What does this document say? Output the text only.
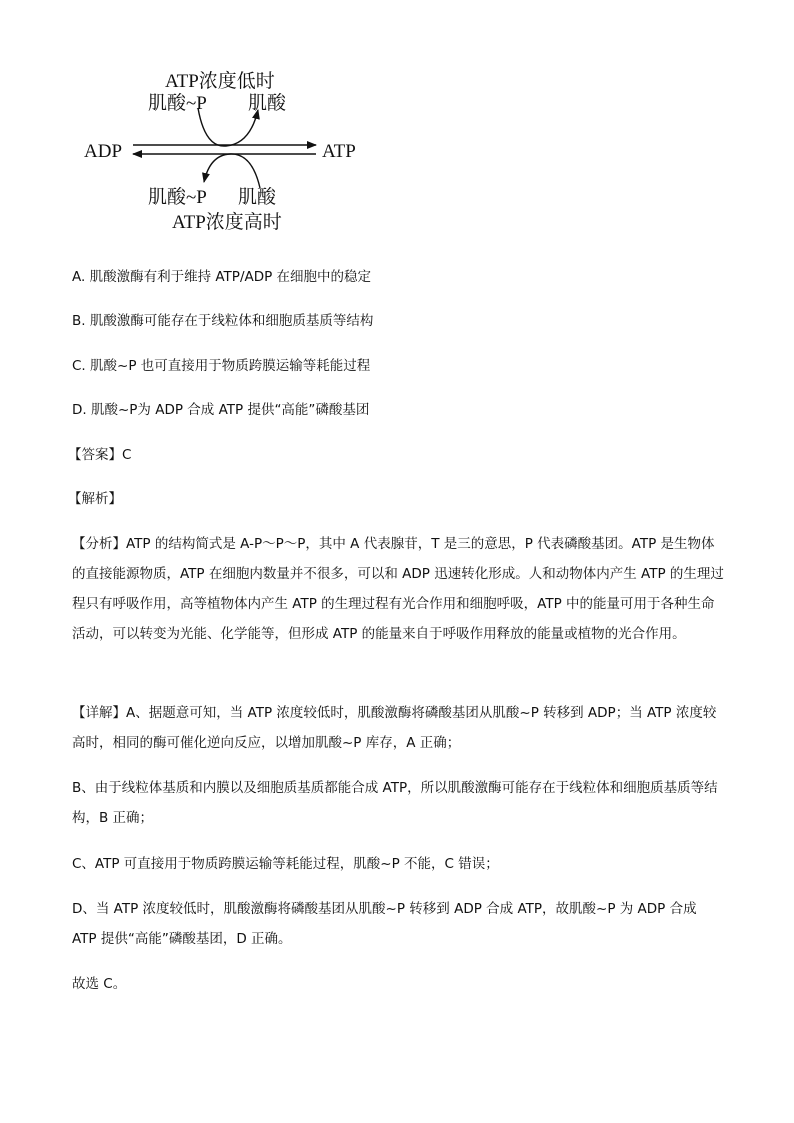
ATP浓度低时
肌酸~P 肌酸
ADP	ATP
肌酸~P 肌酸
ATP浓度高时
A. 肌酸激酶有利于维持 ATP/ADP 在细胞中的稳定
B. 肌酸激酶可能存在于线粒体和细胞质基质等结构
C. 肌酸~P 也可直接用于物质跨膜运输等耗能过程
D. 肌酸~P为 ADP 合成 ATP 提供“高能”磷酸基团
【答案】C
【解析】
【分析】ATP 的结构简式是 A-P～P～P，其中 A 代表腺苷，T 是三的意思，P 代表磷酸基团。ATP 是生物体的直接能源物质，ATP 在细胞内数量并不很多，可以和 ADP 迅速转化形成。人和动物体内产生 ATP 的生理过程只有呼吸作用，高等植物体内产生 ATP 的生理过程有光合作用和细胞呼吸，ATP 中的能量可用于各种生命活动，可以转变为光能、化学能等，但形成 ATP 的能量来自于呼吸作用释放的能量或植物的光合作用。
【详解】A、据题意可知，当 ATP 浓度较低时，肌酸激酶将磷酸基团从肌酸~P 转移到 ADP；当 ATP 浓度较高时，相同的酶可催化逆向反应，以增加肌酸~P 库存，A 正确；
B、由于线粒体基质和内膜以及细胞质基质都能合成 ATP，所以肌酸激酶可能存在于线粒体和细胞质基质等结构，B 正确；
C、ATP 可直接用于物质跨膜运输等耗能过程，肌酸~P 不能，C 错误；
D、当 ATP 浓度较低时，肌酸激酶将磷酸基团从肌酸~P 转移到 ADP 合成 ATP，故肌酸~P 为 ADP 合成 ATP 提供“高能”磷酸基团，D 正确。
故选 C。
